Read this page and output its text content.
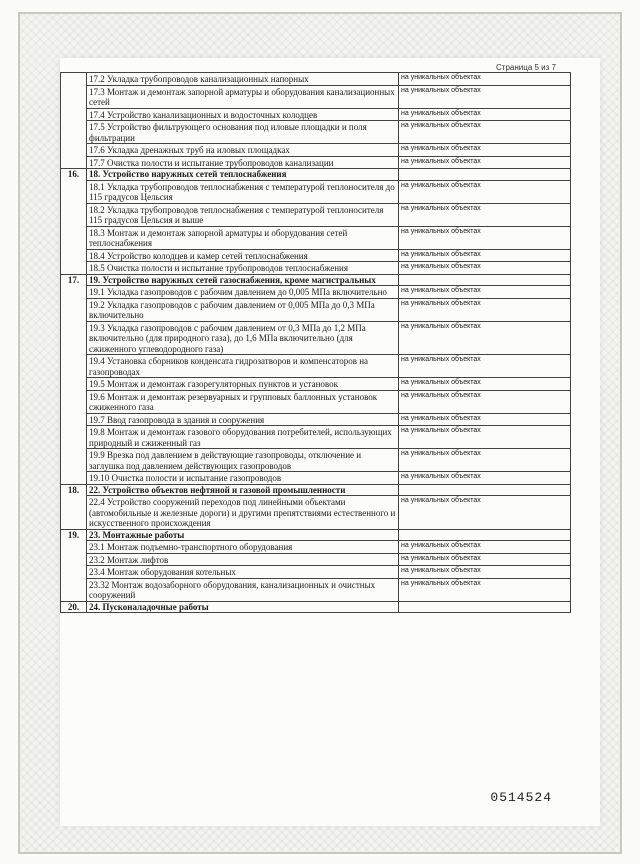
Страница 5 из 7
	17.2 Укладка трубопроводов канализационных напорных	на уникальных объектах
	17.3 Монтаж и демонтаж запорной арматуры и оборудования канализационных сетей	на уникальных объектах
	17.4 Устройство канализационных и водосточных колодцев	на уникальных объектах
	17.5 Устройство фильтрующего основания под иловые площадки и поля фильтрации	на уникальных объектах
	17.6 Укладка дренажных труб на иловых площадках	на уникальных объектах
	17.7 Очистка полости и испытание трубопроводов канализации	на уникальных объектах
16.	18. Устройство наружных сетей теплоснабжения	
	18.1 Укладка трубопроводов теплоснабжения с температурой теплоносителя до 115 градусов Цельсия	на уникальных объектах
	18.2 Укладка трубопроводов теплоснабжения с температурой теплоносителя 115 градусов Цельсия и выше	на уникальных объектах
	18.3 Монтаж и демонтаж запорной арматуры и оборудования сетей теплоснабжения	на уникальных объектах
	18.4 Устройство колодцев и камер сетей теплоснабжения	на уникальных объектах
	18.5 Очистка полости и испытание трубопроводов теплоснабжения	на уникальных объектах
17.	19. Устройство наружных сетей газоснабжения, кроме магистральных	
	19.1 Укладка газопроводов с рабочим давлением до 0,005 МПа включительно	на уникальных объектах
	19.2 Укладка газопроводов с рабочим давлением от 0,005 МПа до 0,3 МПа включительно	на уникальных объектах
	19.3 Укладка газопроводов с рабочим давлением от 0,3 МПа до 1,2 МПа включительно (для природного газа), до 1,6 МПа включительно (для сжиженного углеводородного газа)	на уникальных объектах
	19.4 Установка сборников конденсата гидрозатворов и компенсаторов на газопроводах	на уникальных объектах
	19.5 Монтаж и демонтаж газорегуляторных пунктов и установок	на уникальных объектах
	19.6 Монтаж и демонтаж резервуарных и групповых баллонных установок сжиженного газа	на уникальных объектах
	19.7 Ввод газопровода в здания и сооружения	на уникальных объектах
	19.8 Монтаж и демонтаж газового оборудования потребителей, использующих природный и сжиженный газ	на уникальных объектах
	19.9 Врезка под давлением в действующие газопроводы, отключение и заглушка под давлением действующих газопроводов	на уникальных объектах
	19.10 Очистка полости и испытание газопроводов	на уникальных объектах
18.	22. Устройство объектов нефтяной и газовой промышленности	
	22.4 Устройство сооружений переходов под линейными объектами (автомобильные и железные дороги) и другими препятствиями естественного и искусственного происхождения	на уникальных объектах
19.	23. Монтажные работы	
	23.1 Монтаж подъемно-транспортного оборудования	на уникальных объектах
	23.2 Монтаж лифтов	на уникальных объектах
	23.4 Монтаж оборудования котельных	на уникальных объектах
	23.32 Монтаж водозаборного оборудования, канализационных и очистных сооружений	на уникальных объектах
20.	24. Пусконаладочные работы	
0514524
